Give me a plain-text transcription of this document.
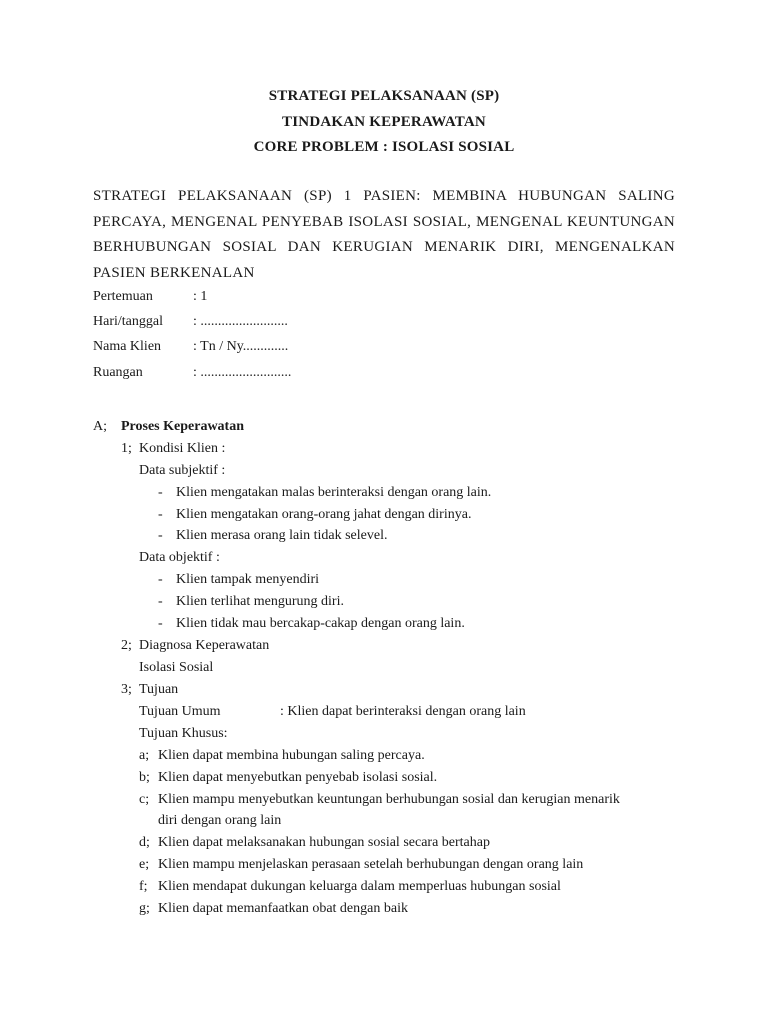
STRATEGI PELAKSANAAN (SP)
TINDAKAN KEPERAWATAN
CORE PROBLEM : ISOLASI SOSIAL
STRATEGI PELAKSANAAN (SP) 1 PASIEN: MEMBINA HUBUNGAN SALING PERCAYA, MENGENAL PENYEBAB ISOLASI SOSIAL, MENGENAL KEUNTUNGAN BERHUBUNGAN SOSIAL DAN KERUGIAN MENARIK DIRI, MENGENALKAN PASIEN BERKENALAN
Pertemuan	: 1
Hari/tanggal : .........................
Nama Klien : Tn / Ny.............
Ruangan	: ..........................
A; Proses Keperawatan
1; Kondisi Klien :
Data subjektif :
- Klien mengatakan malas berinteraksi dengan orang lain.
- Klien mengatakan orang-orang jahat dengan dirinya.
- Klien merasa orang lain tidak selevel.
Data objektif :
- Klien tampak menyendiri
- Klien terlihat mengurung diri.
- Klien tidak mau bercakap-cakap dengan orang lain.
2; Diagnosa Keperawatan
Isolasi Sosial
3; Tujuan
Tujuan Umum	: Klien dapat berinteraksi dengan orang lain
Tujuan Khusus:
a; Klien dapat membina hubungan saling percaya.
b; Klien dapat menyebutkan penyebab isolasi sosial.
c; Klien mampu menyebutkan keuntungan berhubungan sosial dan kerugian menarik
diri dengan orang lain
d; Klien dapat melaksanakan hubungan sosial secara bertahap
e; Klien mampu menjelaskan perasaan setelah berhubungan dengan orang lain
f; Klien mendapat dukungan keluarga dalam memperluas hubungan sosial
g; Klien dapat memanfaatkan obat dengan baik
